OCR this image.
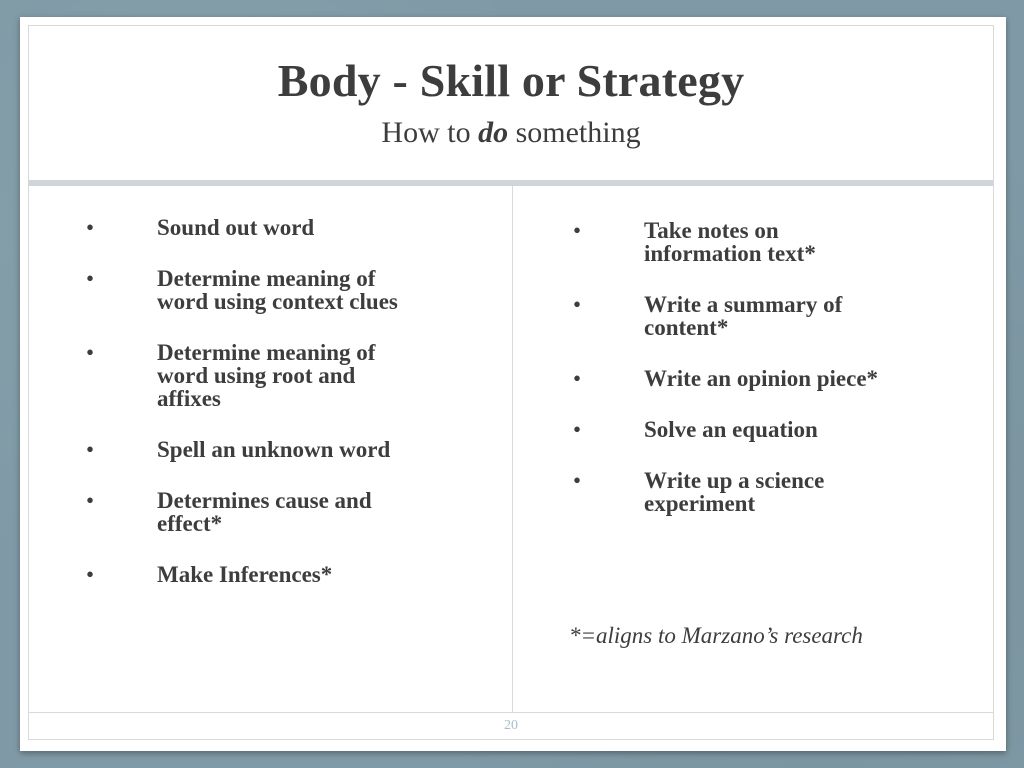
Body - Skill or Strategy
How to do something
•	Sound out word
•	Determine meaning of
word using context clues
•	Determine meaning of
word using root and
affixes
•	Spell an unknown word
•	Determines cause and
effect*
•	Make Inferences*
•	Take notes on
information text*
•	Write a summary of
content*
•	Write an opinion piece*
•	Solve an equation
•	Write up a science
experiment
*=aligns to Marzano’s research
20
